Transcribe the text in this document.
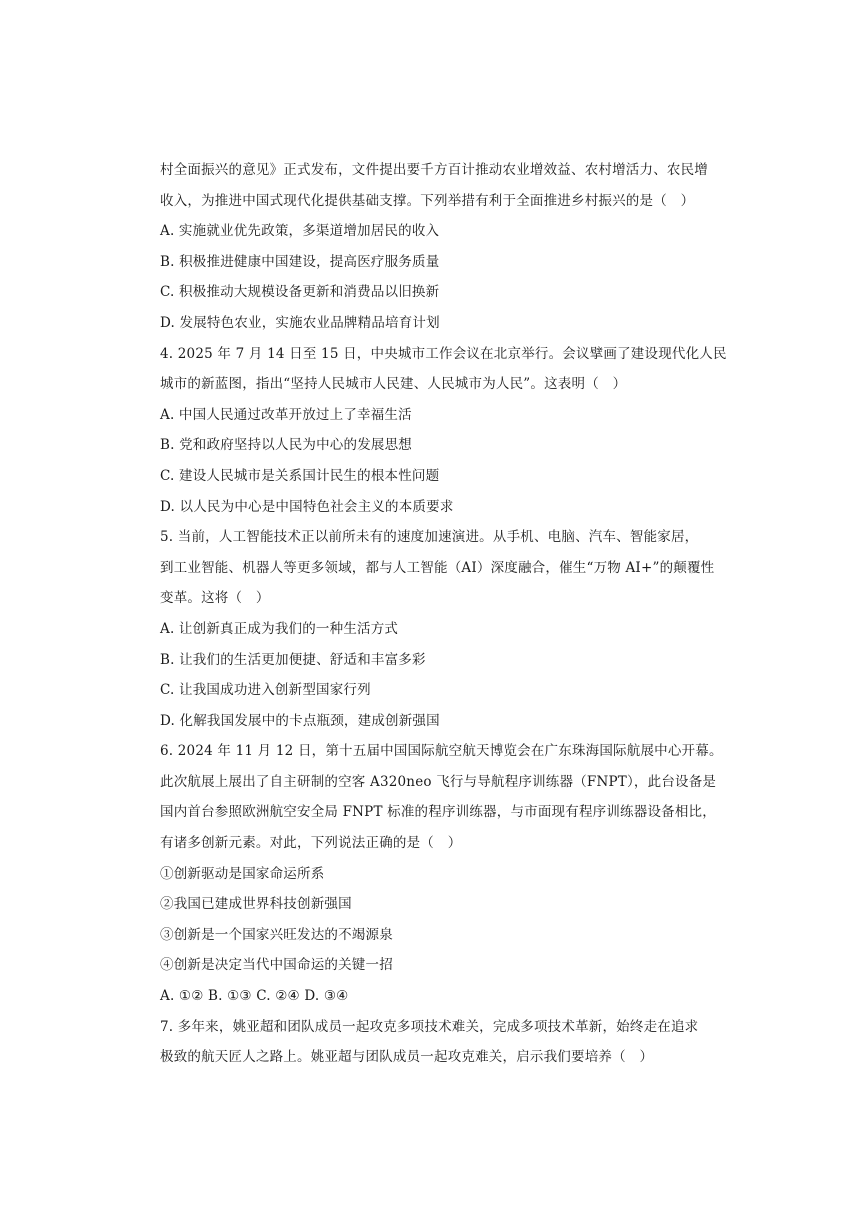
村全面振兴的意见》正式发布，文件提出要千方百计推动农业增效益、农村增活力、农民增
收入，为推进中国式现代化提供基础支撑。下列举措有利于全面推进乡村振兴的是（　）
A. 实施就业优先政策，多渠道增加居民的收入
B. 积极推进健康中国建设，提高医疗服务质量
C. 积极推动大规模设备更新和消费品以旧换新
D. 发展特色农业，实施农业品牌精品培育计划
4. 2025 年 7 月 14 日至 15 日，中央城市工作会议在北京举行。会议擘画了建设现代化人民
城市的新蓝图，指出“坚持人民城市人民建、人民城市为人民”。这表明（　）
A. 中国人民通过改革开放过上了幸福生活
B. 党和政府坚持以人民为中心的发展思想
C. 建设人民城市是关系国计民生的根本性问题
D. 以人民为中心是中国特色社会主义的本质要求
5. 当前，人工智能技术正以前所未有的速度加速演进。从手机、电脑、汽车、智能家居，
到工业智能、机器人等更多领域，都与人工智能（AI）深度融合，催生“万物 AI+”的颠覆性
变革。这将（　）
A. 让创新真正成为我们的一种生活方式
B. 让我们的生活更加便捷、舒适和丰富多彩
C. 让我国成功进入创新型国家行列
D. 化解我国发展中的卡点瓶颈，建成创新强国
6. 2024 年 11 月 12 日，第十五届中国国际航空航天博览会在广东珠海国际航展中心开幕。
此次航展上展出了自主研制的空客 A320neo 飞行与导航程序训练器（FNPT），此台设备是
国内首台参照欧洲航空安全局 FNPT 标准的程序训练器，与市面现有程序训练器设备相比，
有诸多创新元素。对此，下列说法正确的是（　）
①创新驱动是国家命运所系
②我国已建成世界科技创新强国
③创新是一个国家兴旺发达的不竭源泉
④创新是决定当代中国命运的关键一招
A. ①② B. ①③ C. ②④ D. ③④
7. 多年来，姚亚超和团队成员一起攻克多项技术难关，完成多项技术革新，始终走在追求
极致的航天匠人之路上。姚亚超与团队成员一起攻克难关，启示我们要培养（　）
